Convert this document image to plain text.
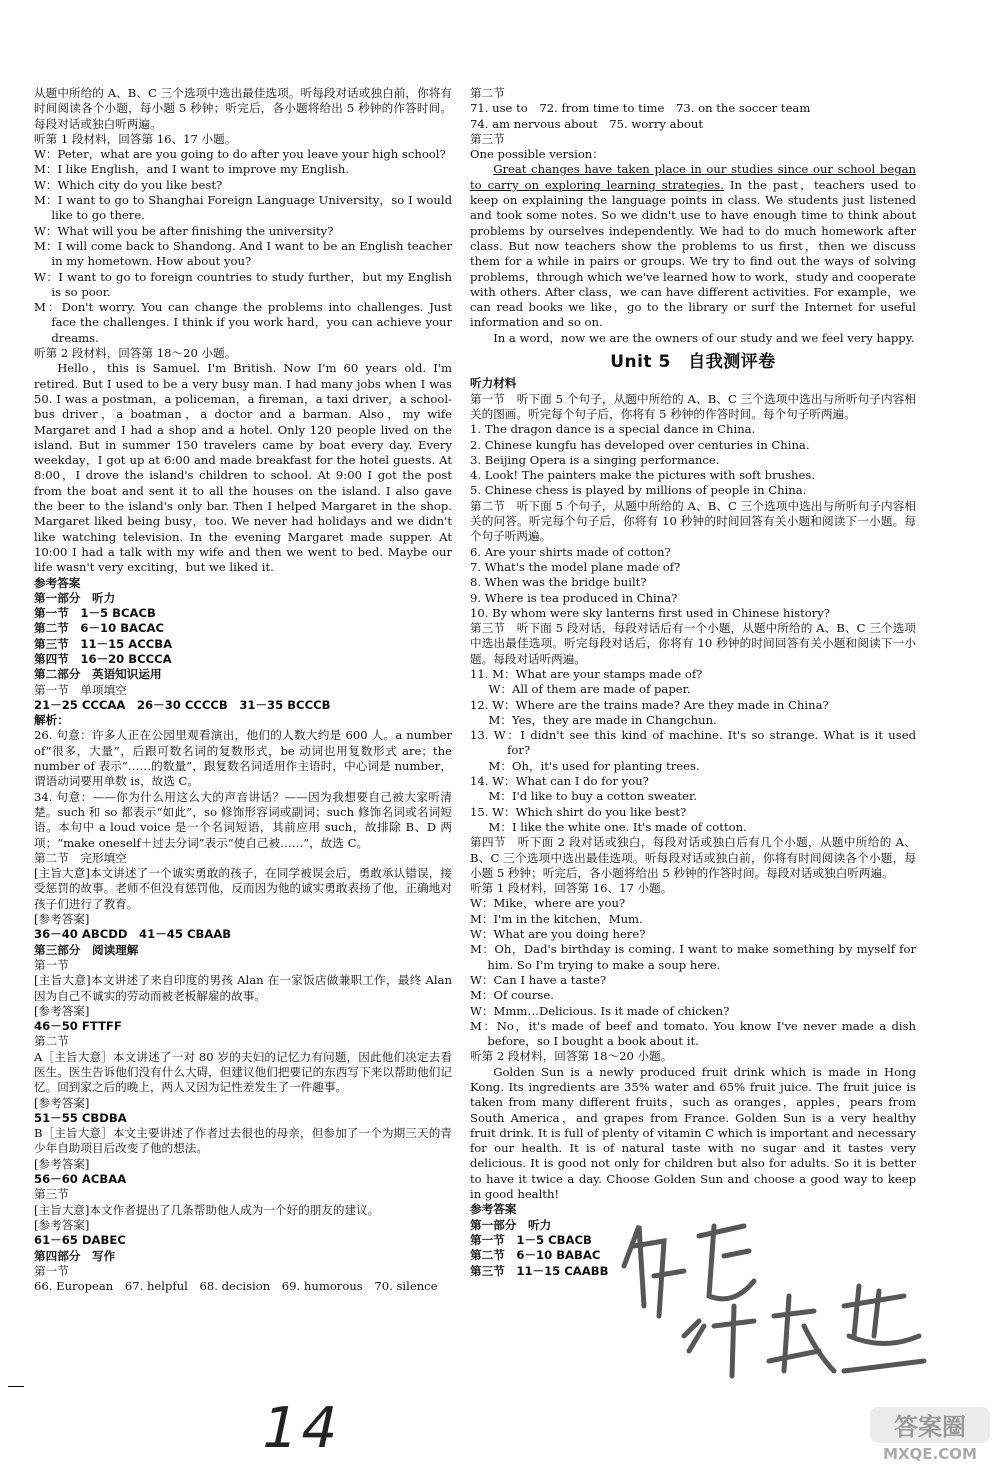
从题中所给的 A、B、C 三个选项中选出最佳选项。听每段对话或独白前，你将有时间阅读各个小题，每小题 5 秒钟；听完后，各小题将给出 5 秒钟的作答时间。每段对话或独白听两遍。

听第 1 段材料，回答第 16、17 小题。

W：Peter，what are you going to do after you leave your high school?

M：I like English，and I want to improve my English.

W：Which city do you like best?

M：I want to go to Shanghai Foreign Language University，so I would like to go there.

W：What will you be after finishing the university?

M：I will come back to Shandong. And I want to be an English teacher in my hometown. How about you?

W：I want to go to foreign countries to study further，but my English is so poor.

M：Don't worry. You can change the problems into challenges. Just face the challenges. I think if you work hard，you can achieve your dreams.

听第 2 段材料，回答第 18～20 小题。

Hello，this is Samuel. I'm British. Now I'm 60 years old. I'm retired. But I used to be a very busy man. I had many jobs when I was 50. I was a postman，a policeman，a fireman，a taxi driver，a school-bus driver，a boatman，a doctor and a barman. Also，my wife Margaret and I had a shop and a hotel. Only 120 people lived on the island. But in summer 150 travelers came by boat every day. Every weekday，I got up at 6:00 and made breakfast for the hotel guests. At 8:00，I drove the island's children to school. At 9:00 I got the post from the boat and sent it to all the houses on the island. I also gave the beer to the island's only bar. Then I helped Margaret in the shop. Margaret liked being busy，too. We never had holidays and we didn't like watching television. In the evening Margaret made supper. At 10:00 I had a talk with my wife and then we went to bed. Maybe our life wasn't very exciting，but we liked it.

参考答案

第一部分　听力

第一节　1－5 BCACB

第二节　6－10 BACAC

第三节　11－15 ACCBA

第四节　16－20 BCCCA

第二部分　英语知识运用

第一节　单项填空

21－25 CCCAA　26－30 CCCCB　31－35 BCCCB

解析：

26. 句意：许多人正在公园里观看演出，他们的人数大约是 600 人。a number of“很多，大量”，后跟可数名词的复数形式，be 动词也用复数形式 are；the number of 表示“……的数量”，跟复数名词适用作主语时，中心词是 number，谓语动词要用单数 is，故选 C。

34. 句意：——你为什么用这么大的声音讲话？——因为我想要自己被大家听清楚。such 和 so 都表示“如此”，so 修饰形容词或副词；such 修饰名词或名词短语。本句中 a loud voice 是一个名词短语，其前应用 such，故排除 B、D 两项；“make oneself＋过去分词”表示“使自己被……”，故选 C。

第二节　完形填空

[主旨大意]本文讲述了一个诚实勇敢的孩子，在同学被误会后，勇敢承认错误，接受惩罚的故事。老师不但没有惩罚他，反而因为他的诚实勇敢表扬了他，正确地对孩子们进行了教育。

[参考答案]

36－40 ABCDD　41－45 CBAAB

第三部分　阅读理解

第一节

[主旨大意]本文讲述了来自印度的男孩 Alan 在一家饭店做兼职工作，最终 Alan 因为自己不诚实的劳动而被老板解雇的故事。

[参考答案]

46－50 FTTFF

第二节

A［主旨大意］本文讲述了一对 80 岁的夫妇的记忆力有问题，因此他们决定去看医生。医生告诉他们没有什么大碍，但建议他们把要记的东西写下来以帮助他们记忆。回到家之后的晚上，两人又因为记性差发生了一件趣事。

[参考答案]

51－55 CBDBA

B［主旨大意］本文主要讲述了作者过去很也的母亲，但参加了一个为期三天的青少年自助项目后改变了他的想法。

[参考答案]

56－60 ACBAA

第三节

[主旨大意]本文作者提出了几条帮助他人成为一个好的朋友的建议。

[参考答案]

61－65 DABEC

第四部分　写作

第一节

66. European　67. helpful　68. decision　69. humorous　70. silence

第二节

71. use to　72. from time to time　73. on the soccer team

74. am nervous about　75. worry about

第三节

One possible version：

Great changes have taken place in our studies since our school began to carry on exploring learning strategies. In the past，teachers used to keep on explaining the language points in class. We students just listened and took some notes. So we didn't use to have enough time to think about problems by ourselves independently. We had to do much homework after class. But now teachers show the problems to us first，then we discuss them for a while in pairs or groups. We try to find out the ways of solving problems，through which we've learned how to work，study and cooperate with others. After class，we can have different activities. For example，we can read books we like，go to the library or surf the Internet for useful information and so on.

In a word，now we are the owners of our study and we feel very happy.

Unit 5　自我测评卷

听力材料

第一节　听下面 5 个句子，从题中所给的 A、B、C 三个选项中选出与所听句子内容相关的图画。听完每个句子后，你将有 5 秒钟的作答时间。每个句子听两遍。

1. The dragon dance is a special dance in China.

2. Chinese kungfu has developed over centuries in China.

3. Beijing Opera is a singing performance.

4. Look! The painters make the pictures with soft brushes.

5. Chinese chess is played by millions of people in China.

第二节　听下面 5 个句子，从题中所给的 A、B、C 三个选项中选出与所听句子内容相关的问答。听完每个句子后，你将有 10 秒钟的时间回答有关小题和阅读下一小题。每个句子听两遍。

6. Are your shirts made of cotton?

7. What's the model plane made of?

8. When was the bridge built?

9. Where is tea produced in China?

10. By whom were sky lanterns first used in Chinese history?

第三节　听下面 5 段对话，每段对话后有一个小题，从题中所给的 A、B、C 三个选项中选出最佳选项。听完每段对话后，你将有 10 秒钟的时间回答有关小题和阅读下一小题。每段对话听两遍。

11. M：What are your stamps made of?

W：All of them are made of paper.

12. W：Where are the trains made? Are they made in China?

M：Yes，they are made in Changchun.

13. W：I didn't see this kind of machine. It's so strange. What is it used for?

M：Oh，it's used for planting trees.

14. W：What can I do for you?

M：I'd like to buy a cotton sweater.

15. W：Which shirt do you like best?

M：I like the white one. It's made of cotton.

第四节　听下面 2 段对话或独白，每段对话或独白后有几个小题，从题中所给的 A、B、C 三个选项中选出最佳选项。听每段对话或独白前，你将有时间阅读各个小题，每小题 5 秒钟；听完后，各小题将给出 5 秒钟的作答时间。每段对话或独白听两遍。

听第 1 段材料，回答第 16、17 小题。

W：Mike，where are you?

M：I'm in the kitchen，Mum.

W：What are you doing here?

M：Oh，Dad's birthday is coming. I want to make something by myself for him. So I'm trying to make a soup here.

W：Can I have a taste?

M：Of course.

W：Mmm…Delicious. Is it made of chicken?

M：No，it's made of beef and tomato. You know I've never made a dish before，so I bought a book about it.

听第 2 段材料，回答第 18～20 小题。

Golden Sun is a newly produced fruit drink which is made in Hong Kong. Its ingredients are 35% water and 65% fruit juice. The fruit juice is taken from many different fruits，such as oranges，apples，pears from South America，and grapes from France. Golden Sun is a very healthy fruit drink. It is full of plenty of vitamin C which is important and necessary for our health. It is of natural taste with no sugar and it tastes very delicious. It is good not only for children but also for adults. So it is better to have it twice a day. Choose Golden Sun and choose a good way to keep in good health!

参考答案

第一部分　听力

第一节　1－5 CBACB

第二节　6－10 BABAC

第三节　11－15 CAABB

14	答案圈
MXQE.COM
